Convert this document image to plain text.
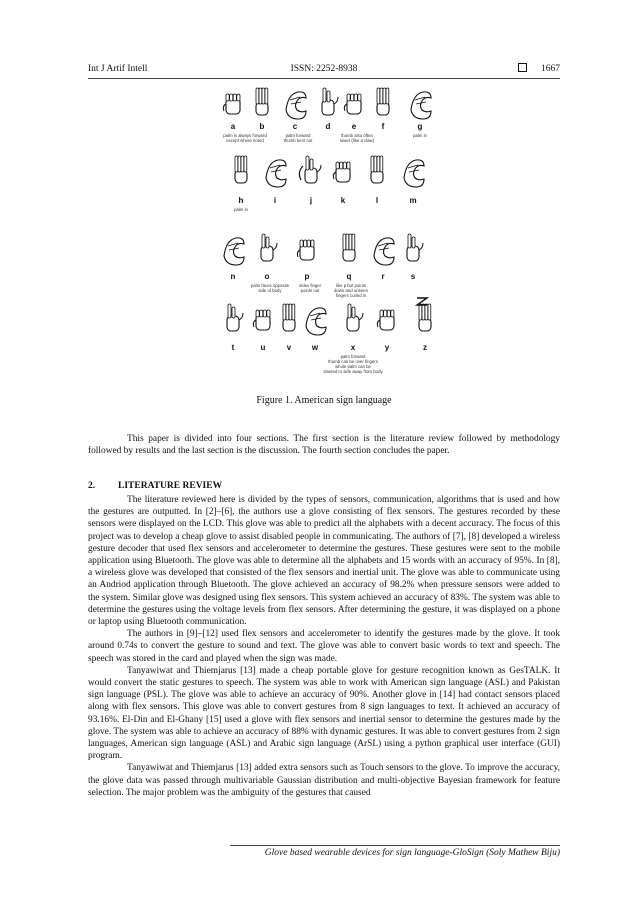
Int J Artif Intell	ISSN: 2252-8938	1667
a	b	c	d	e	f	g
palm is always forward
except where noted
palm forward
thumb bent out
thumb also often
lower (like a claw)
palm in
h	i	j	k	l	m
palm in
n	o	p	q	r	s
palm faces opposite
side of body
index finger
points out
like p but points
down and unseen
fingers curled in
t	u	v	w	x	y	z
palm forward
thumb can be over fingers
whole palm can be
slanted to side away from body
Figure 1. American sign language

This paper is divided into four sections. The first section is the literature review followed by methodology followed by results and the last section is the discussion. The fourth section concludes the paper.

2. LITERATURE REVIEW

The literature reviewed here is divided by the types of sensors, communication, algorithms that is used and how the gestures are outputted. In [2]–[6], the authors use a glove consisting of flex sensors. The gestures recorded by these sensors were displayed on the LCD. This glove was able to predict all the alphabets with a decent accuracy. The focus of this project was to develop a cheap glove to assist disabled people in communicating. The authors of [7], [8] developed a wireless gesture decoder that used flex sensors and accelerometer to determine the gestures. These gestures were sent to the mobile application using Bluetooth. The glove was able to determine all the alphabets and 15 words with an accuracy of 95%. In [8], a wireless glove was developed that consisted of the flex sensors and inertial unit. The glove was able to communicate using an Andriod application through Bluetooth. The glove achieved an accuracy of 98.2% when pressure sensors were added to the system. Similar glove was designed using flex sensors. This system achieved an accuracy of 83%. The system was able to determine the gestures using the voltage levels from flex sensors. After determining the gesture, it was displayed on a phone or laptop using Bluetooth communication.

The authors in [9]–[12] used flex sensors and accelerometer to identify the gestures made by the glove. It took around 0.74s to convert the gesture to sound and text. The glove was able to convert basic words to text and speech. The speech was stored in the card and played when the sign was made.

Tanyawiwat and Thiemjarus [13] made a cheap portable glove for gesture recognition known as GesTALK. It would convert the static gestures to speech. The system was able to work with American sign language (ASL) and Pakistan sign language (PSL). The glove was able to achieve an accuracy of 90%. Another glove in [14] had contact sensors placed along with flex sensors. This glove was able to convert gestures from 8 sign languages to text. It achieved an accuracy of 93.16%. El-Din and El-Ghany [15] used a glove with flex sensors and inertial sensor to determine the gestures made by the glove. The system was able to achieve an accuracy of 88% with dynamic gestures. It was able to convert gestures from 2 sign languages, American sign language (ASL) and Arabic sign language (ArSL) using a python graphical user interface (GUI) program.

Tanyawiwat and Thiemjarus [13] added extra sensors such as Touch sensors to the glove. To improve the accuracy, the glove data was passed through multivariable Gaussian distribution and multi-objective Bayesian framework for feature selection. The major problem was the ambiguity of the gestures that caused

Glove based wearable devices for sign language-GloSign (Soly Mathew Biju)
